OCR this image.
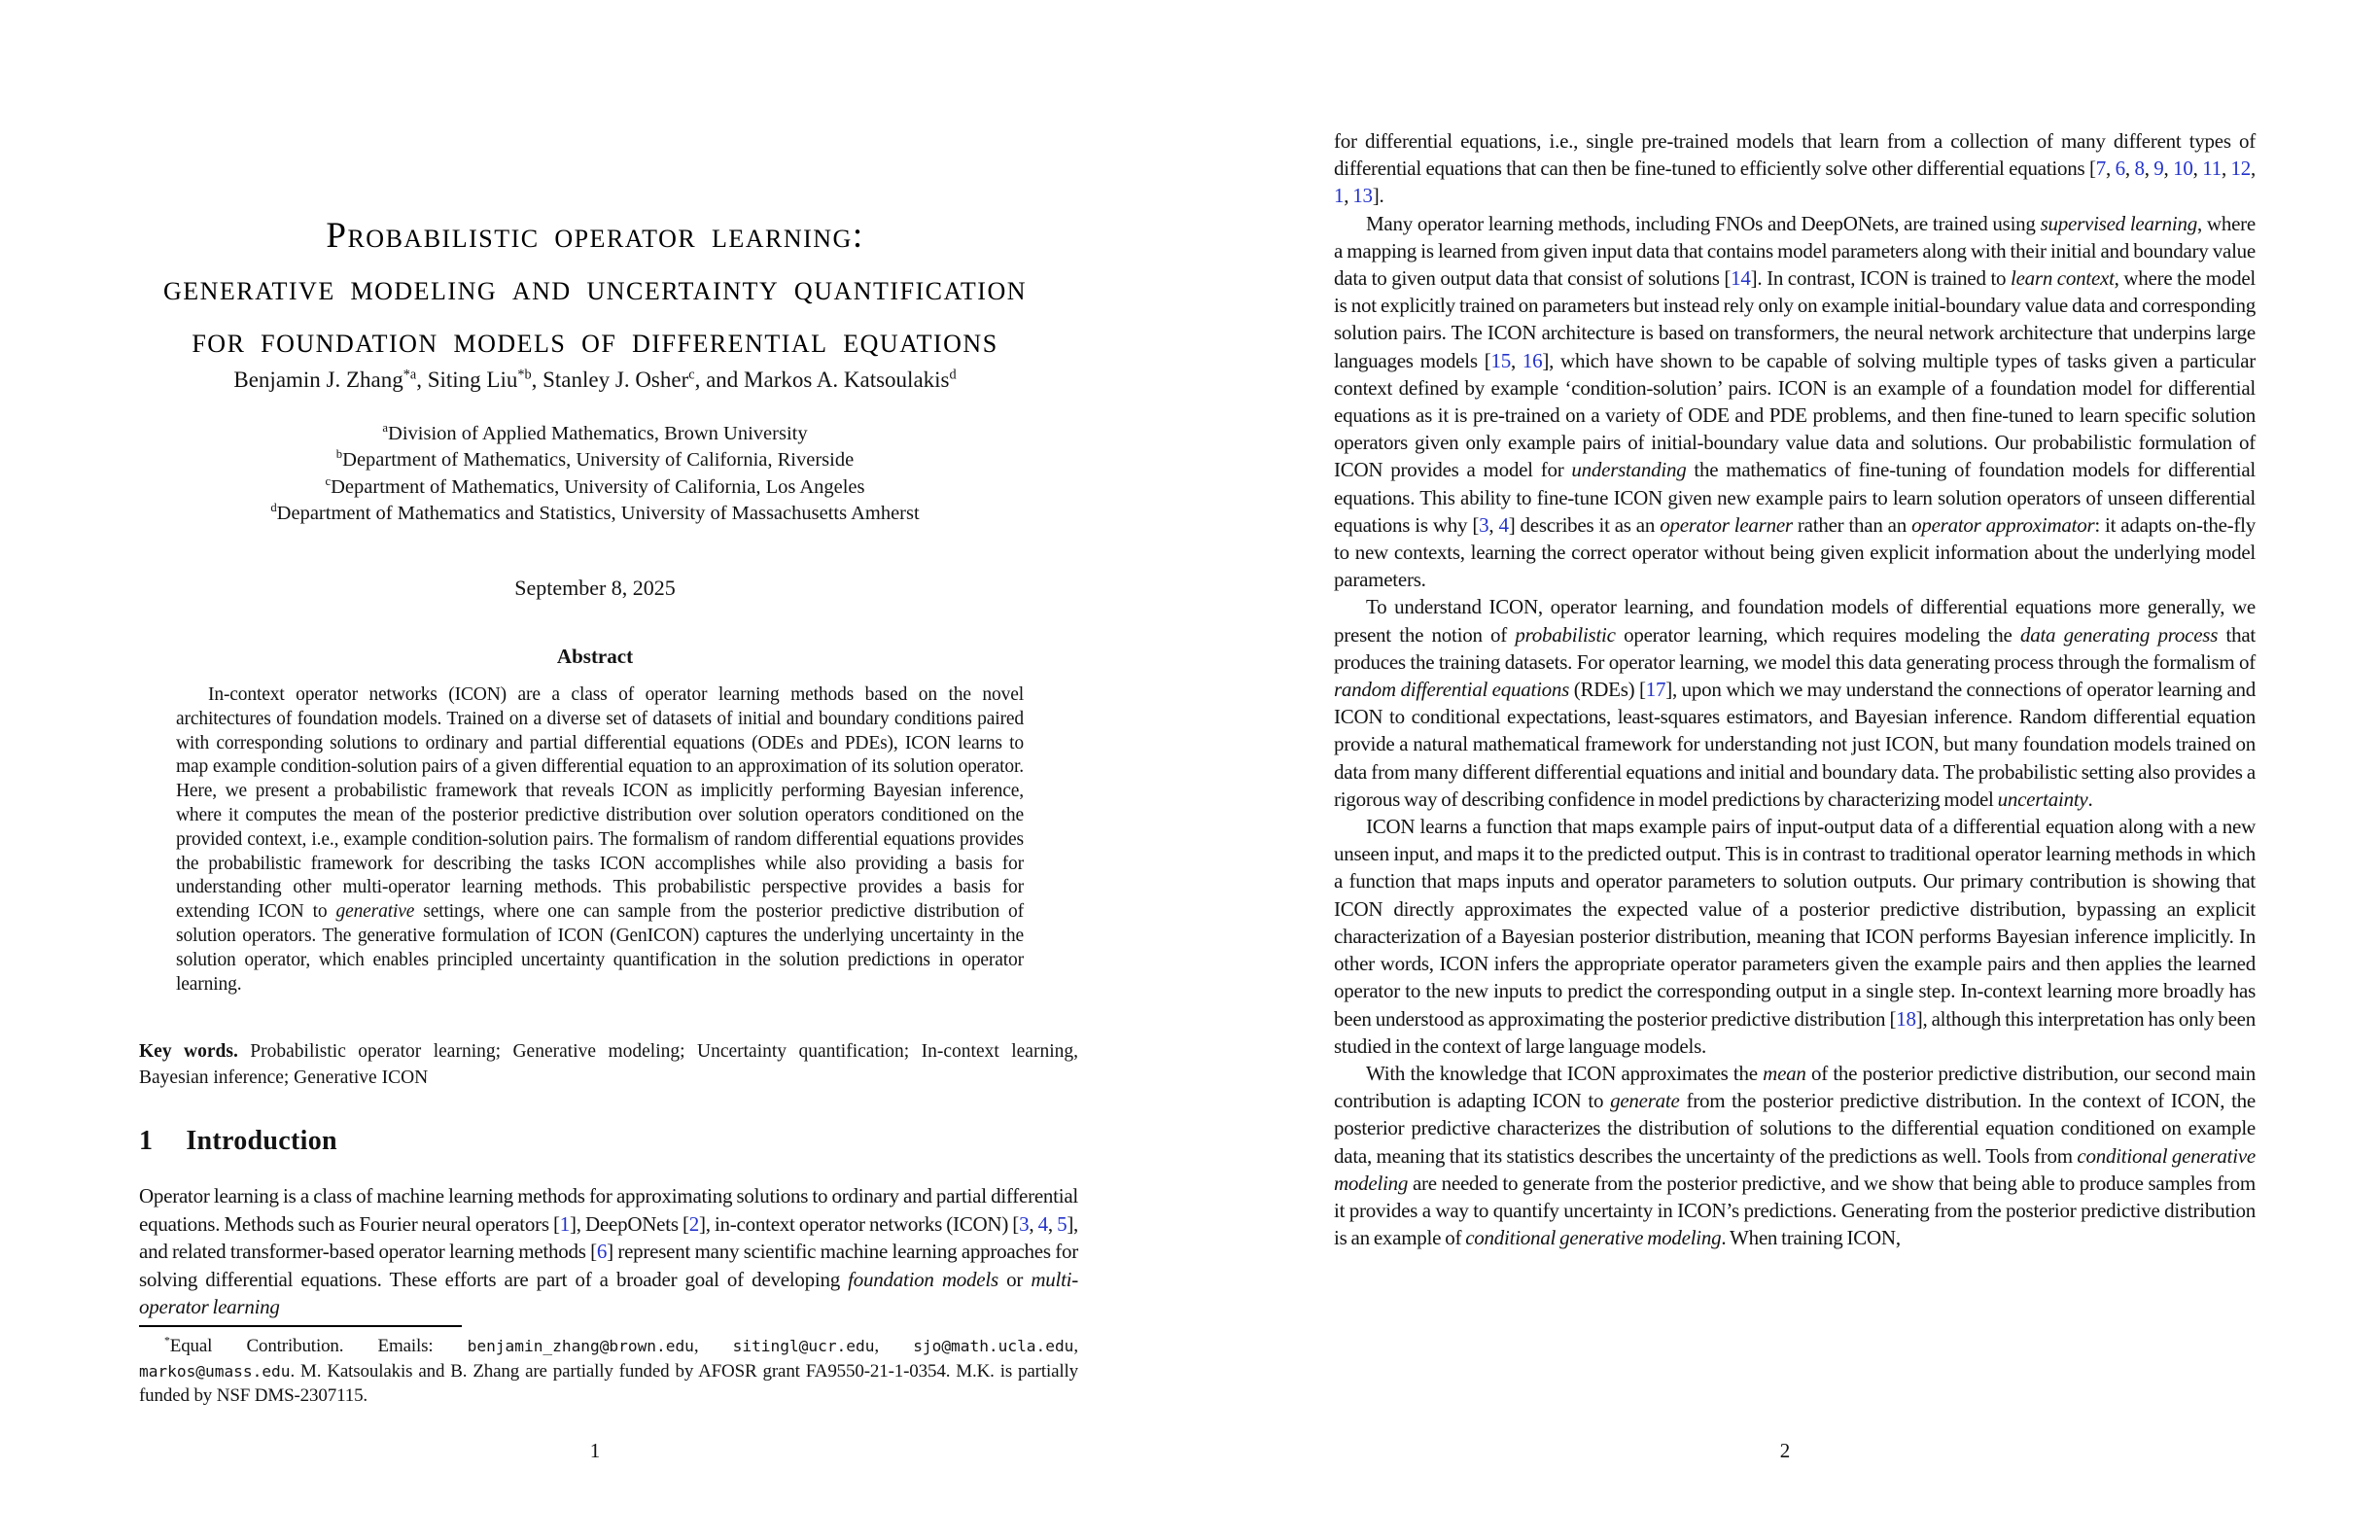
Probabilistic operator learning:
generative modeling and uncertainty quantification
for foundation models of differential equations
Benjamin J. Zhang$^{*a}$, Siting Liu$^{*b}$, Stanley J. Osher$^c$, and Markos A. Katsoulakis$^d$
$^a$Division of Applied Mathematics, Brown University
$^b$Department of Mathematics, University of California, Riverside
$^c$Department of Mathematics, University of California, Los Angeles
$^d$Department of Mathematics and Statistics, University of Massachusetts Amherst
September 8, 2025
Abstract
In-context operator networks (ICON) are a class of operator learning methods based on the novel architectures of foundation models. Trained on a diverse set of datasets of initial and boundary conditions paired with corresponding solutions to ordinary and partial differential equations (ODEs and PDEs), ICON learns to map example condition-solution pairs of a given differential equation to an approximation of its solution operator. Here, we present a probabilistic framework that reveals ICON as implicitly performing Bayesian inference, where it computes the mean of the posterior predictive distribution over solution operators conditioned on the provided context, i.e., example condition-solution pairs. The formalism of random differential equations provides the probabilistic framework for describing the tasks ICON accomplishes while also providing a basis for understanding other multi-operator learning methods. This probabilistic perspective provides a basis for extending ICON to generative settings, where one can sample from the posterior predictive distribution of solution operators. The generative formulation of ICON (GenICON) captures the underlying uncertainty in the solution operator, which enables principled uncertainty quantification in the solution predictions in operator learning.
Key words. Probabilistic operator learning; Generative modeling; Uncertainty quantification; In-context learning, Bayesian inference; Generative ICON
1 Introduction
Operator learning is a class of machine learning methods for approximating solutions to ordinary and partial differential equations. Methods such as Fourier neural operators [1], DeepONets [2], in-context operator networks (ICON) [3, 4, 5], and related transformer-based operator learning methods [6] represent many scientific machine learning approaches for solving differential equations. These efforts are part of a broader goal of developing foundation models or multi-operator learning
*Equal Contribution. Emails: benjamin_zhang@brown.edu, sitingl@ucr.edu, sjo@math.ucla.edu, markos@umass.edu. M. Katsoulakis and B. Zhang are partially funded by AFOSR grant FA9550-21-1-0354. M.K. is partially funded by NSF DMS-2307115.
1

for differential equations, i.e., single pre-trained models that learn from a collection of many different types of differential equations that can then be fine-tuned to efficiently solve other differential equations [7, 6, 8, 9, 10, 11, 12, 1, 13].

Many operator learning methods, including FNOs and DeepONets, are trained using supervised learning, where a mapping is learned from given input data that contains model parameters along with their initial and boundary value data to given output data that consist of solutions [14]. In contrast, ICON is trained to learn context, where the model is not explicitly trained on parameters but instead rely only on example initial-boundary value data and corresponding solution pairs. The ICON architecture is based on transformers, the neural network architecture that underpins large languages models [15, 16], which have shown to be capable of solving multiple types of tasks given a particular context defined by example ‘condition-solution’ pairs. ICON is an example of a foundation model for differential equations as it is pre-trained on a variety of ODE and PDE problems, and then fine-tuned to learn specific solution operators given only example pairs of initial-boundary value data and solutions. Our probabilistic formulation of ICON provides a model for understanding the mathematics of fine-tuning of foundation models for differential equations. This ability to fine-tune ICON given new example pairs to learn solution operators of unseen differential equations is why [3, 4] describes it as an operator learner rather than an operator approximator: it adapts on-the-fly to new contexts, learning the correct operator without being given explicit information about the underlying model parameters.

To understand ICON, operator learning, and foundation models of differential equations more generally, we present the notion of probabilistic operator learning, which requires modeling the data generating process that produces the training datasets. For operator learning, we model this data generating process through the formalism of random differential equations (RDEs) [17], upon which we may understand the connections of operator learning and ICON to conditional expectations, least-squares estimators, and Bayesian inference. Random differential equation provide a natural mathematical framework for understanding not just ICON, but many foundation models trained on data from many different differential equations and initial and boundary data. The probabilistic setting also provides a rigorous way of describing confidence in model predictions by characterizing model uncertainty.

ICON learns a function that maps example pairs of input-output data of a differential equation along with a new unseen input, and maps it to the predicted output. This is in contrast to traditional operator learning methods in which a function that maps inputs and operator parameters to solution outputs. Our primary contribution is showing that ICON directly approximates the expected value of a posterior predictive distribution, bypassing an explicit characterization of a Bayesian posterior distribution, meaning that ICON performs Bayesian inference implicitly. In other words, ICON infers the appropriate operator parameters given the example pairs and then applies the learned operator to the new inputs to predict the corresponding output in a single step. In-context learning more broadly has been understood as approximating the posterior predictive distribution [18], although this interpretation has only been studied in the context of large language models.

With the knowledge that ICON approximates the mean of the posterior predictive distribution, our second main contribution is adapting ICON to generate from the posterior predictive distribution. In the context of ICON, the posterior predictive characterizes the distribution of solutions to the differential equation conditioned on example data, meaning that its statistics describes the uncertainty of the predictions as well. Tools from conditional generative modeling are needed to generate from the posterior predictive, and we show that being able to produce samples from it provides a way to quantify uncertainty in ICON’s predictions. Generating from the posterior predictive distribution is an example of conditional generative modeling. When training ICON,

2
